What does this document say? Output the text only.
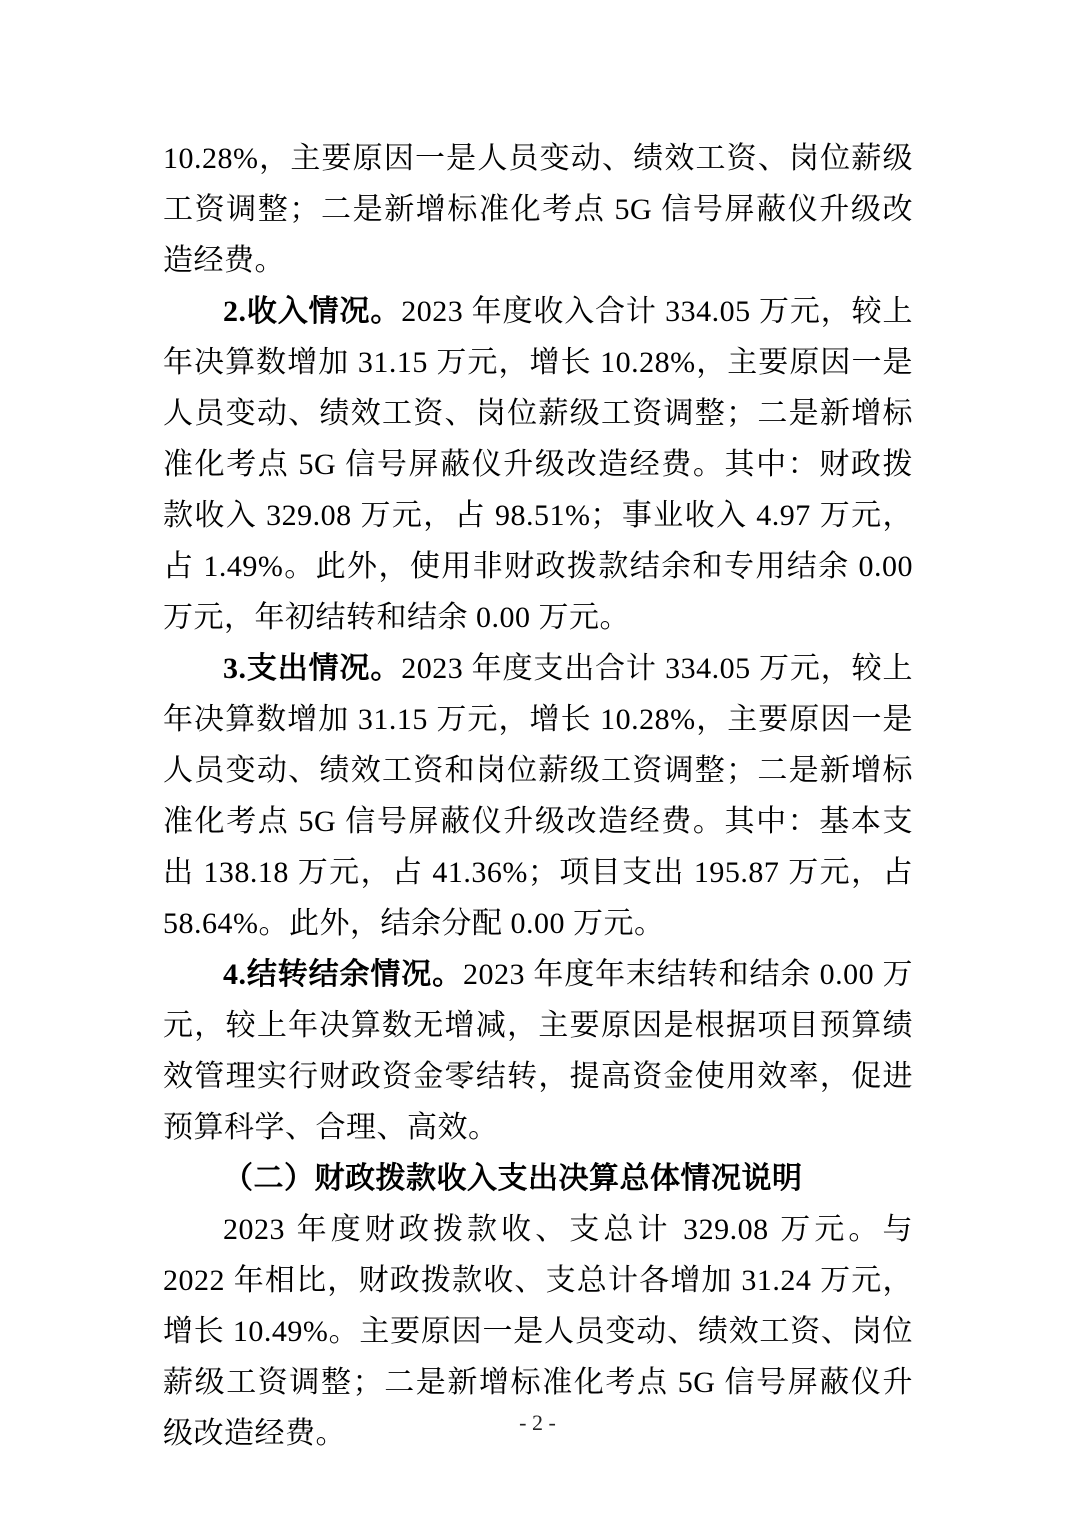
10.28%，主要原因一是人员变动、绩效工资、岗位薪级工资调整；二是新增标准化考点 5G 信号屏蔽仪升级改造经费。

2.收入情况。2023 年度收入合计 334.05 万元，较上年决算数增加 31.15 万元，增长 10.28%，主要原因一是人员变动、绩效工资、岗位薪级工资调整；二是新增标准化考点 5G 信号屏蔽仪升级改造经费。其中：财政拨款收入 329.08 万元，占 98.51%；事业收入 4.97 万元，占 1.49%。此外，使用非财政拨款结余和专用结余 0.00 万元，年初结转和结余 0.00 万元。

3.支出情况。2023 年度支出合计 334.05 万元，较上年决算数增加 31.15 万元，增长 10.28%，主要原因一是人员变动、绩效工资和岗位薪级工资调整；二是新增标准化考点 5G 信号屏蔽仪升级改造经费。其中：基本支出 138.18 万元，占 41.36%；项目支出 195.87 万元，占 58.64%。此外，结余分配 0.00 万元。

4.结转结余情况。2023 年度年末结转和结余 0.00 万元，较上年决算数无增减，主要原因是根据项目预算绩效管理实行财政资金零结转，提高资金使用效率，促进预算科学、合理、高效。

（二）财政拨款收入支出决算总体情况说明

2023 年度财政拨款收、支总计 329.08 万元。与 2022 年相比，财政拨款收、支总计各增加 31.24 万元，增长 10.49%。主要原因一是人员变动、绩效工资、岗位薪级工资调整；二是新增标准化考点 5G 信号屏蔽仪升级改造经费。	- 2 -
